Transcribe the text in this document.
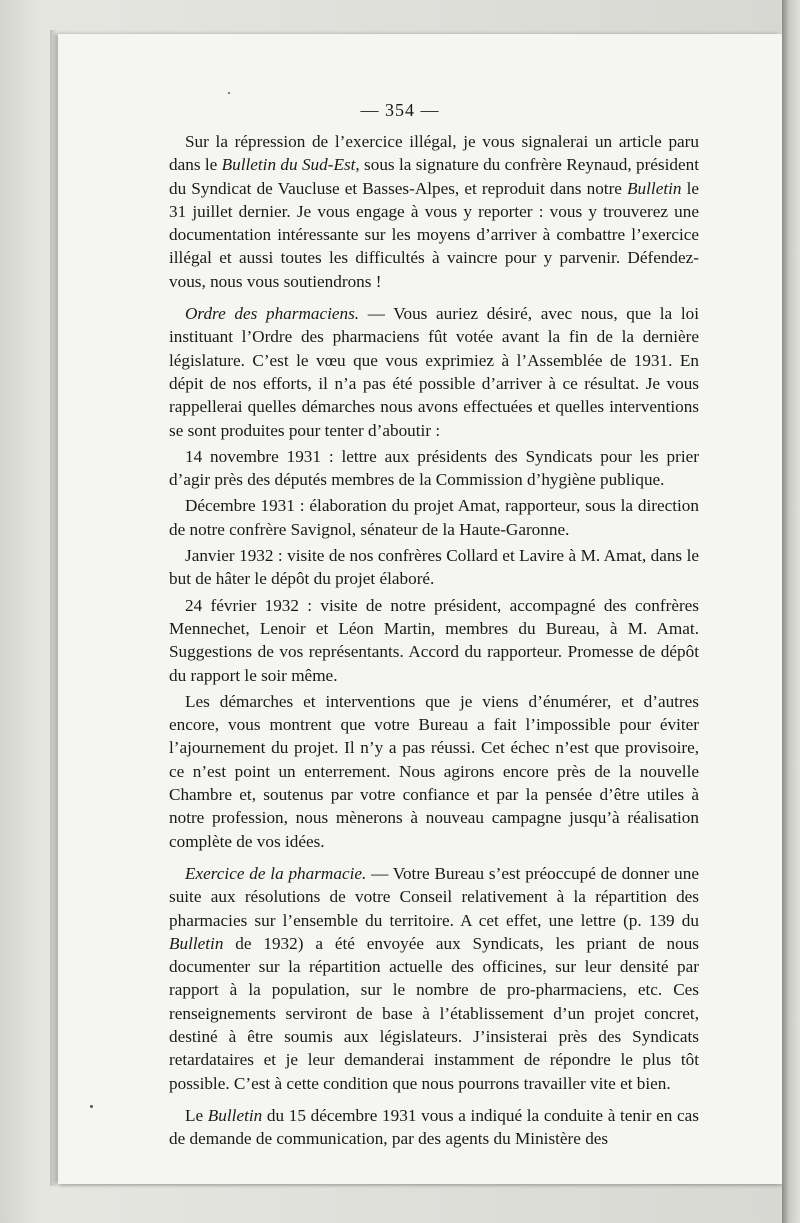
— 354 —

Sur la répression de l’exercice illégal, je vous signalerai un article paru dans le Bulletin du Sud-Est, sous la signature du confrère Reynaud, président du Syndicat de Vaucluse et Basses-Alpes, et reproduit dans notre Bulletin le 31 juillet dernier. Je vous engage à vous y reporter : vous y trouverez une documentation intéressante sur les moyens d’arriver à combattre l’exercice illégal et aussi toutes les difficultés à vaincre pour y parvenir. Défendez-vous, nous vous soutiendrons !

Ordre des pharmaciens. — Vous auriez désiré, avec nous, que la loi instituant l’Ordre des pharmaciens fût votée avant la fin de la dernière législature. C’est le vœu que vous exprimiez à l’Assemblée de 1931. En dépit de nos efforts, il n’a pas été possible d’arriver à ce résultat. Je vous rappellerai quelles démarches nous avons effectuées et quelles interventions se sont produites pour tenter d’aboutir :

14 novembre 1931 : lettre aux présidents des Syndicats pour les prier d’agir près des députés membres de la Commission d’hygiène publique.

Décembre 1931 : élaboration du projet Amat, rapporteur, sous la direction de notre confrère Savignol, sénateur de la Haute-Garonne.

Janvier 1932 : visite de nos confrères Collard et Lavire à M. Amat, dans le but de hâter le dépôt du projet élaboré.

24 février 1932 : visite de notre président, accompagné des confrères Mennechet, Lenoir et Léon Martin, membres du Bureau, à M. Amat. Suggestions de vos représentants. Accord du rapporteur. Promesse de dépôt du rapport le soir même.

Les démarches et interventions que je viens d’énumérer, et d’autres encore, vous montrent que votre Bureau a fait l’impossible pour éviter l’ajournement du projet. Il n’y a pas réussi. Cet échec n’est que provisoire, ce n’est point un enterrement. Nous agirons encore près de la nouvelle Chambre et, soutenus par votre confiance et par la pensée d’être utiles à notre profession, nous mènerons à nouveau campagne jusqu’à réalisation complète de vos idées.

Exercice de la pharmacie. — Votre Bureau s’est préoccupé de donner une suite aux résolutions de votre Conseil relativement à la répartition des pharmacies sur l’ensemble du territoire. A cet effet, une lettre (p. 139 du Bulletin de 1932) a été envoyée aux Syndicats, les priant de nous documenter sur la répartition actuelle des officines, sur leur densité par rapport à la population, sur le nombre de pro-pharmaciens, etc. Ces renseignements serviront de base à l’établissement d’un projet concret, destiné à être soumis aux législateurs. J’insisterai près des Syndicats retardataires et je leur demanderai instamment de répondre le plus tôt possible. C’est à cette condition que nous pourrons travailler vite et bien.

Le Bulletin du 15 décembre 1931 vous a indiqué la conduite à tenir en cas de demande de communication, par des agents du Ministère des
